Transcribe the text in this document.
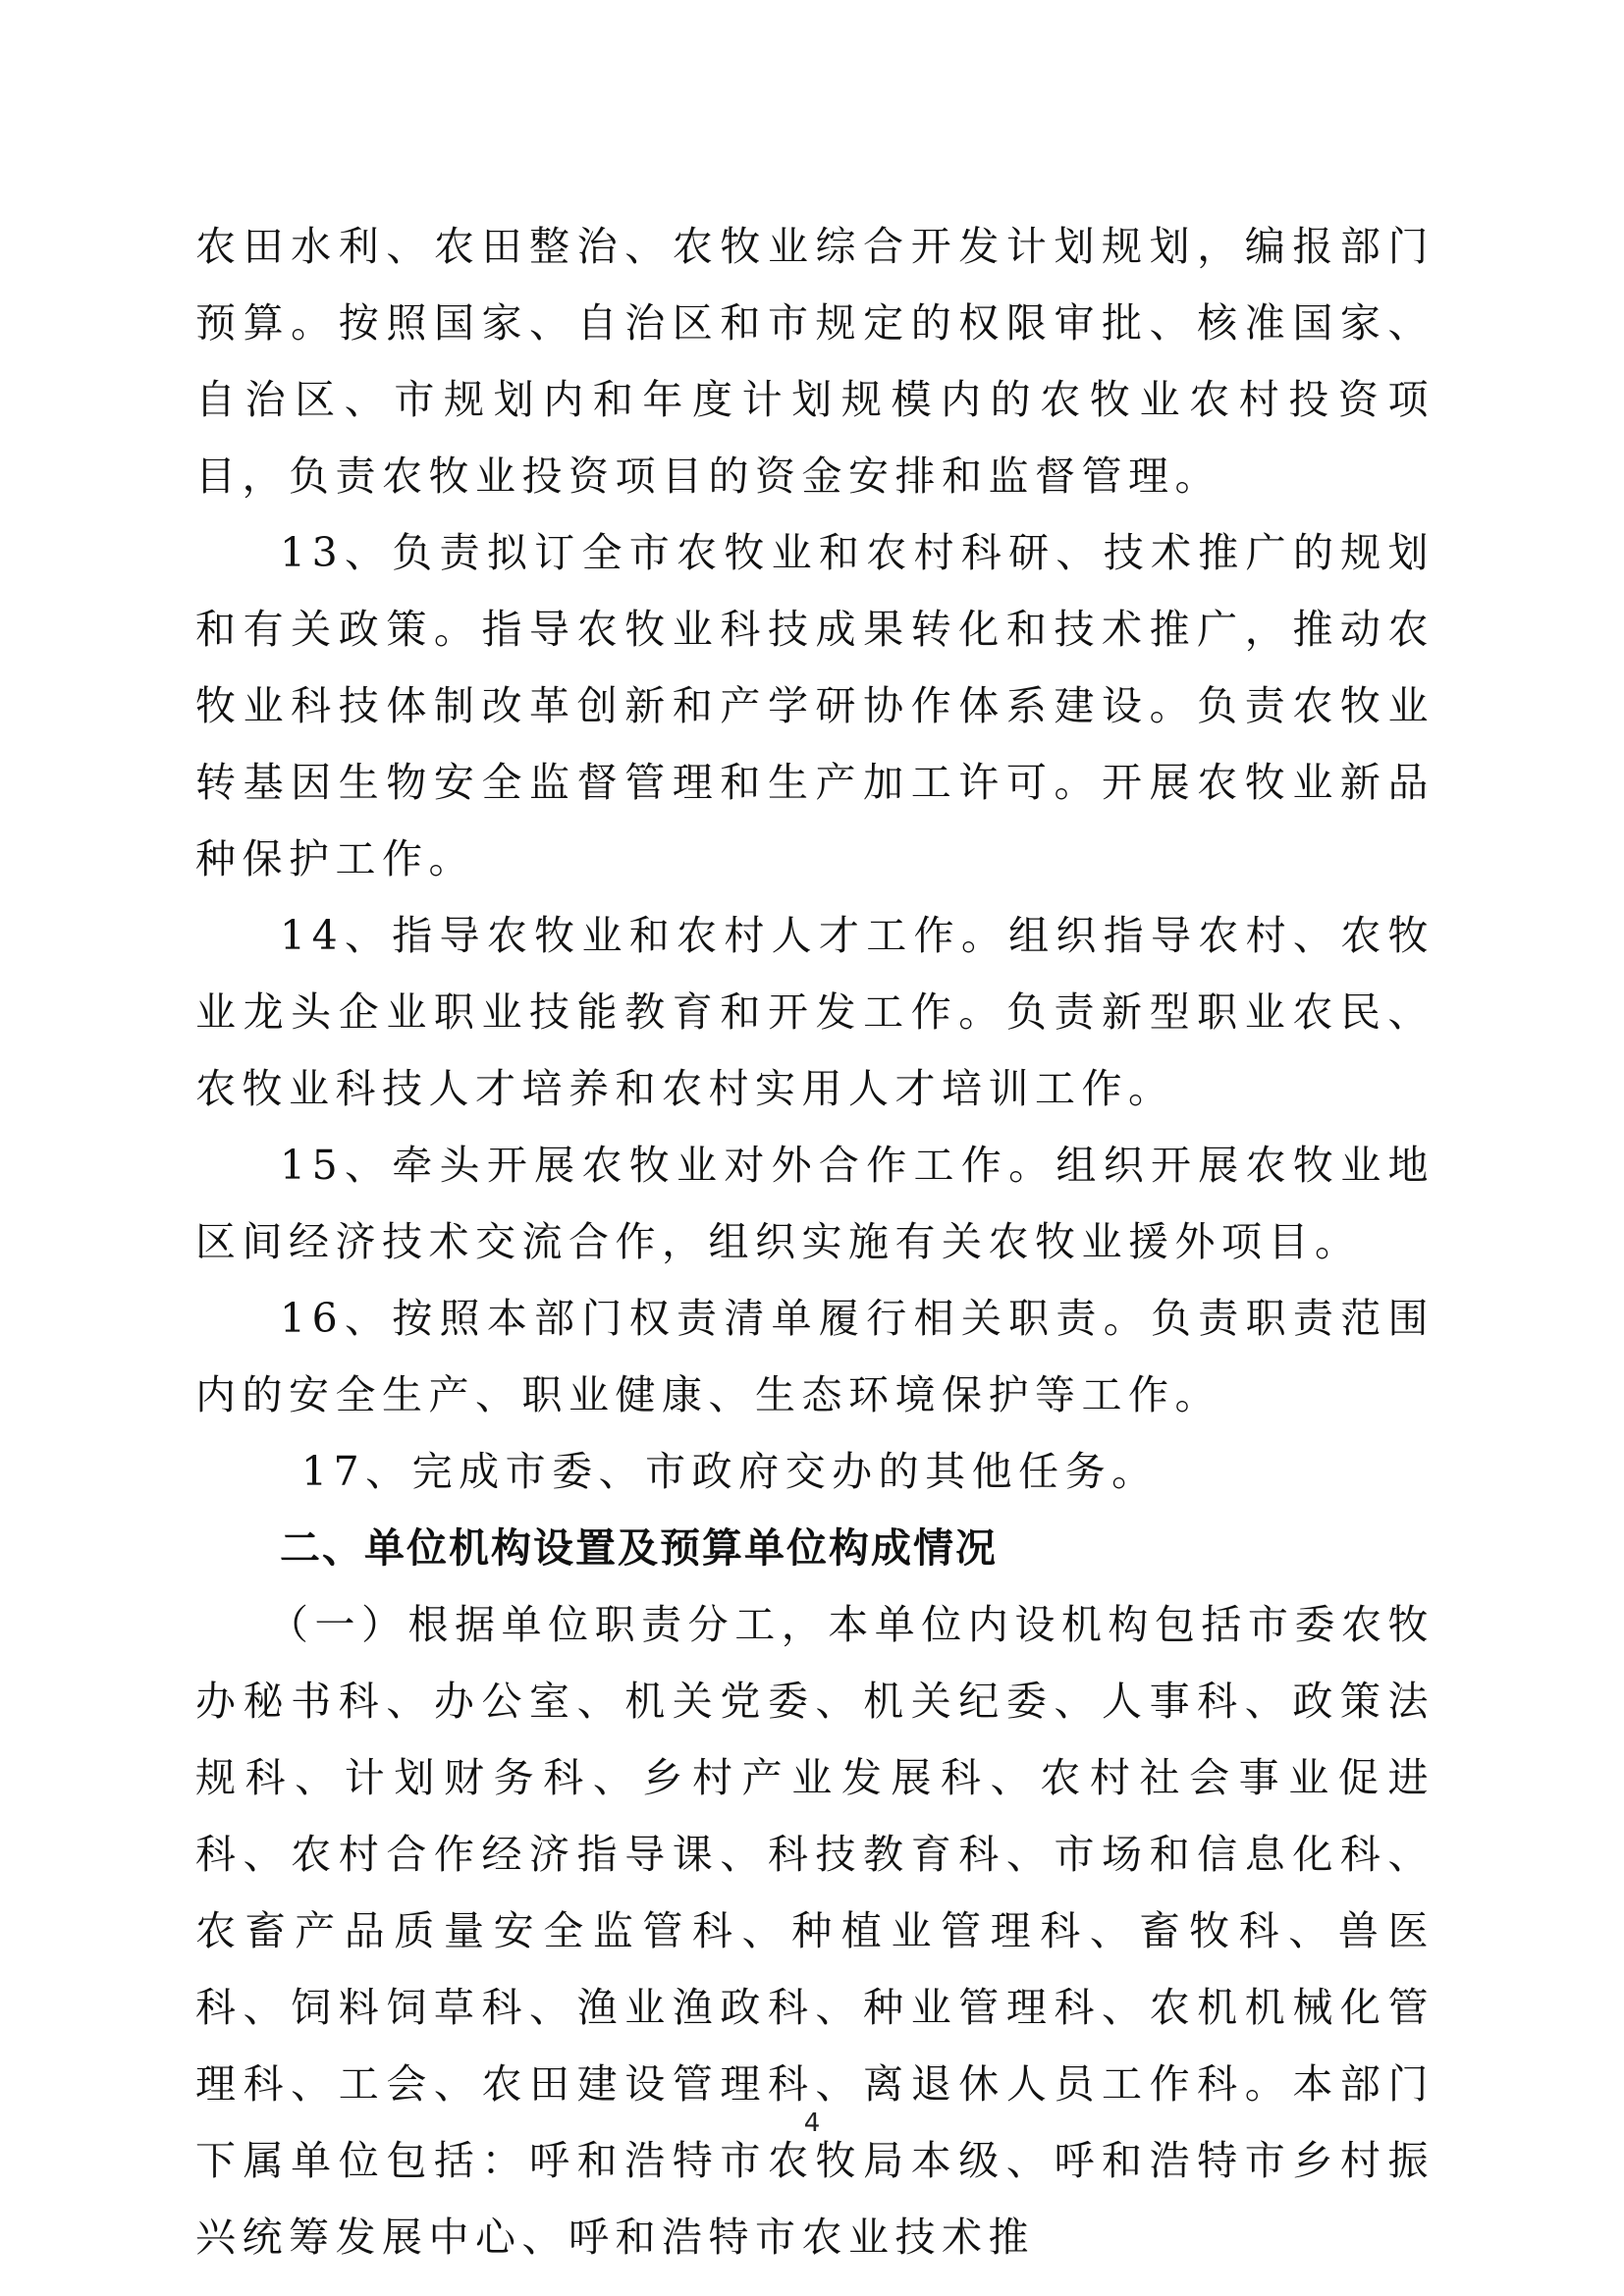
农田水利、农田整治、农牧业综合开发计划规划，编报部门预算。按照国家、自治区和市规定的权限审批、核准国家、自治区、市规划内和年度计划规模内的农牧业农村投资项目，负责农牧业投资项目的资金安排和监督管理。

13、负责拟订全市农牧业和农村科研、技术推广的规划和有关政策。指导农牧业科技成果转化和技术推广，推动农牧业科技体制改革创新和产学研协作体系建设。负责农牧业转基因生物安全监督管理和生产加工许可。开展农牧业新品种保护工作。

14、指导农牧业和农村人才工作。组织指导农村、农牧业龙头企业职业技能教育和开发工作。负责新型职业农民、农牧业科技人才培养和农村实用人才培训工作。

15、牵头开展农牧业对外合作工作。组织开展农牧业地区间经济技术交流合作，组织实施有关农牧业援外项目。

16、按照本部门权责清单履行相关职责。负责职责范围内的安全生产、职业健康、生态环境保护等工作。

17、完成市委、市政府交办的其他任务。

二、单位机构设置及预算单位构成情况

（一）根据单位职责分工，本单位内设机构包括市委农牧办秘书科、办公室、机关党委、机关纪委、人事科、政策法规科、计划财务科、乡村产业发展科、农村社会事业促进科、农村合作经济指导课、科技教育科、市场和信息化科、农畜产品质量安全监管科、种植业管理科、畜牧科、兽医科、饲料饲草科、渔业渔政科、种业管理科、农机机械化管理科、工会、农田建设管理科、离退休人员工作科。本部门下属单位包括：呼和浩特市农牧局本级、呼和浩特市乡村振兴统筹发展中心、呼和浩特市农业技术推

4
